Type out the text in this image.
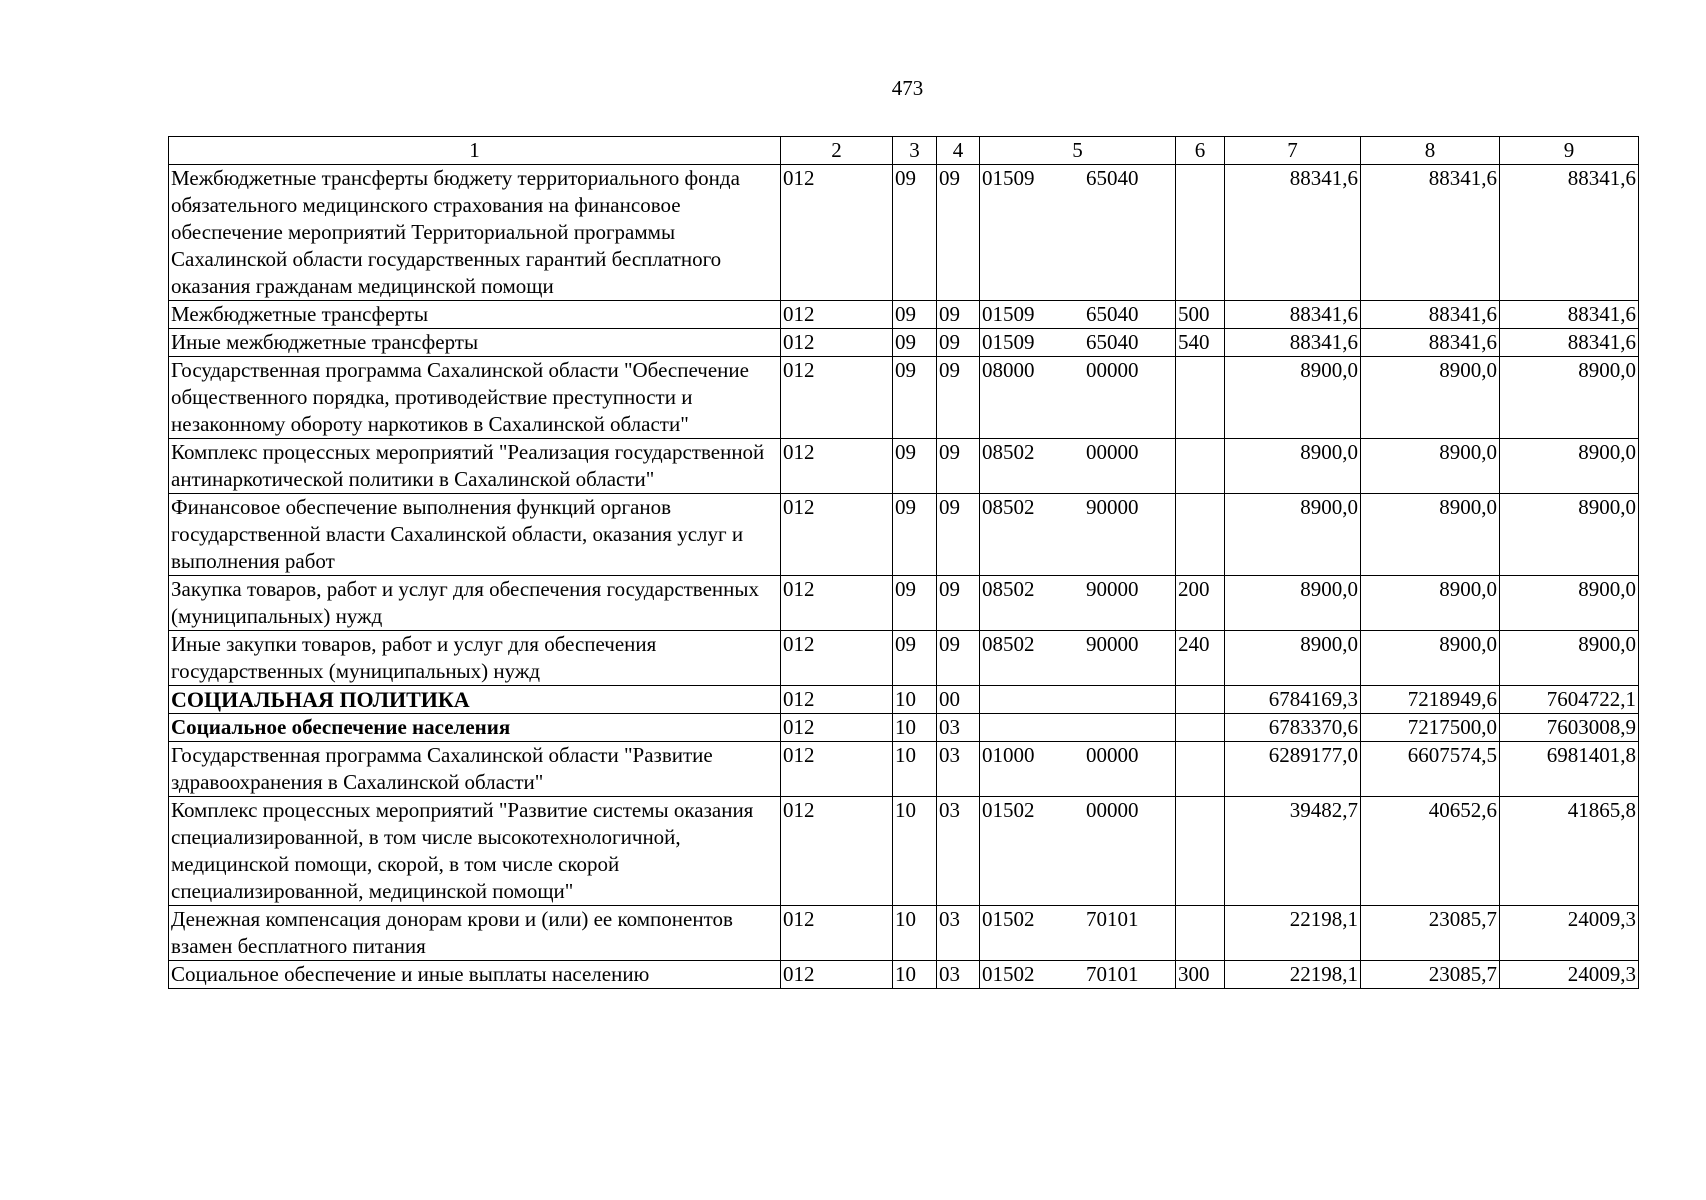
473
1	2	3	4	5	6	7	8	9
Межбюджетные трансферты бюджету территориального фонда обязательного медицинского страхования на финансовое обеспечение мероприятий Территориальной программы Сахалинской области государственных гарантий бесплатного оказания гражданам медицинской помощи	012	09	09	01509 65040		88341,6	88341,6	88341,6
Межбюджетные трансферты	012	09	09	01509 65040	500	88341,6	88341,6	88341,6
Иные межбюджетные трансферты	012	09	09	01509 65040	540	88341,6	88341,6	88341,6
Государственная программа Сахалинской области "Обеспечение общественного порядка, противодействие преступности и незаконному обороту наркотиков в Сахалинской области"	012	09	09	08000 00000		8900,0	8900,0	8900,0
Комплекс процессных мероприятий "Реализация государственной антинаркотической политики в Сахалинской области"	012	09	09	08502 00000		8900,0	8900,0	8900,0
Финансовое обеспечение выполнения функций органов государственной власти Сахалинской области, оказания услуг и выполнения работ	012	09	09	08502 90000		8900,0	8900,0	8900,0
Закупка товаров, работ и услуг для обеспечения государственных (муниципальных) нужд	012	09	09	08502 90000	200	8900,0	8900,0	8900,0
Иные закупки товаров, работ и услуг для обеспечения государственных (муниципальных) нужд	012	09	09	08502 90000	240	8900,0	8900,0	8900,0
СОЦИАЛЬНАЯ ПОЛИТИКА	012	10	00			6784169,3	7218949,6	7604722,1
Социальное обеспечение населения	012	10	03			6783370,6	7217500,0	7603008,9
Государственная программа Сахалинской области "Развитие здравоохранения в Сахалинской области"	012	10	03	01000 00000		6289177,0	6607574,5	6981401,8
Комплекс процессных мероприятий "Развитие системы оказания специализированной, в том числе высокотехнологичной, медицинской помощи, скорой, в том числе скорой специализированной, медицинской помощи"	012	10	03	01502 00000		39482,7	40652,6	41865,8
Денежная компенсация донорам крови и (или) ее компонентов взамен бесплатного питания	012	10	03	01502 70101		22198,1	23085,7	24009,3
Социальное обеспечение и иные выплаты населению	012	10	03	01502 70101	300	22198,1	23085,7	24009,3
